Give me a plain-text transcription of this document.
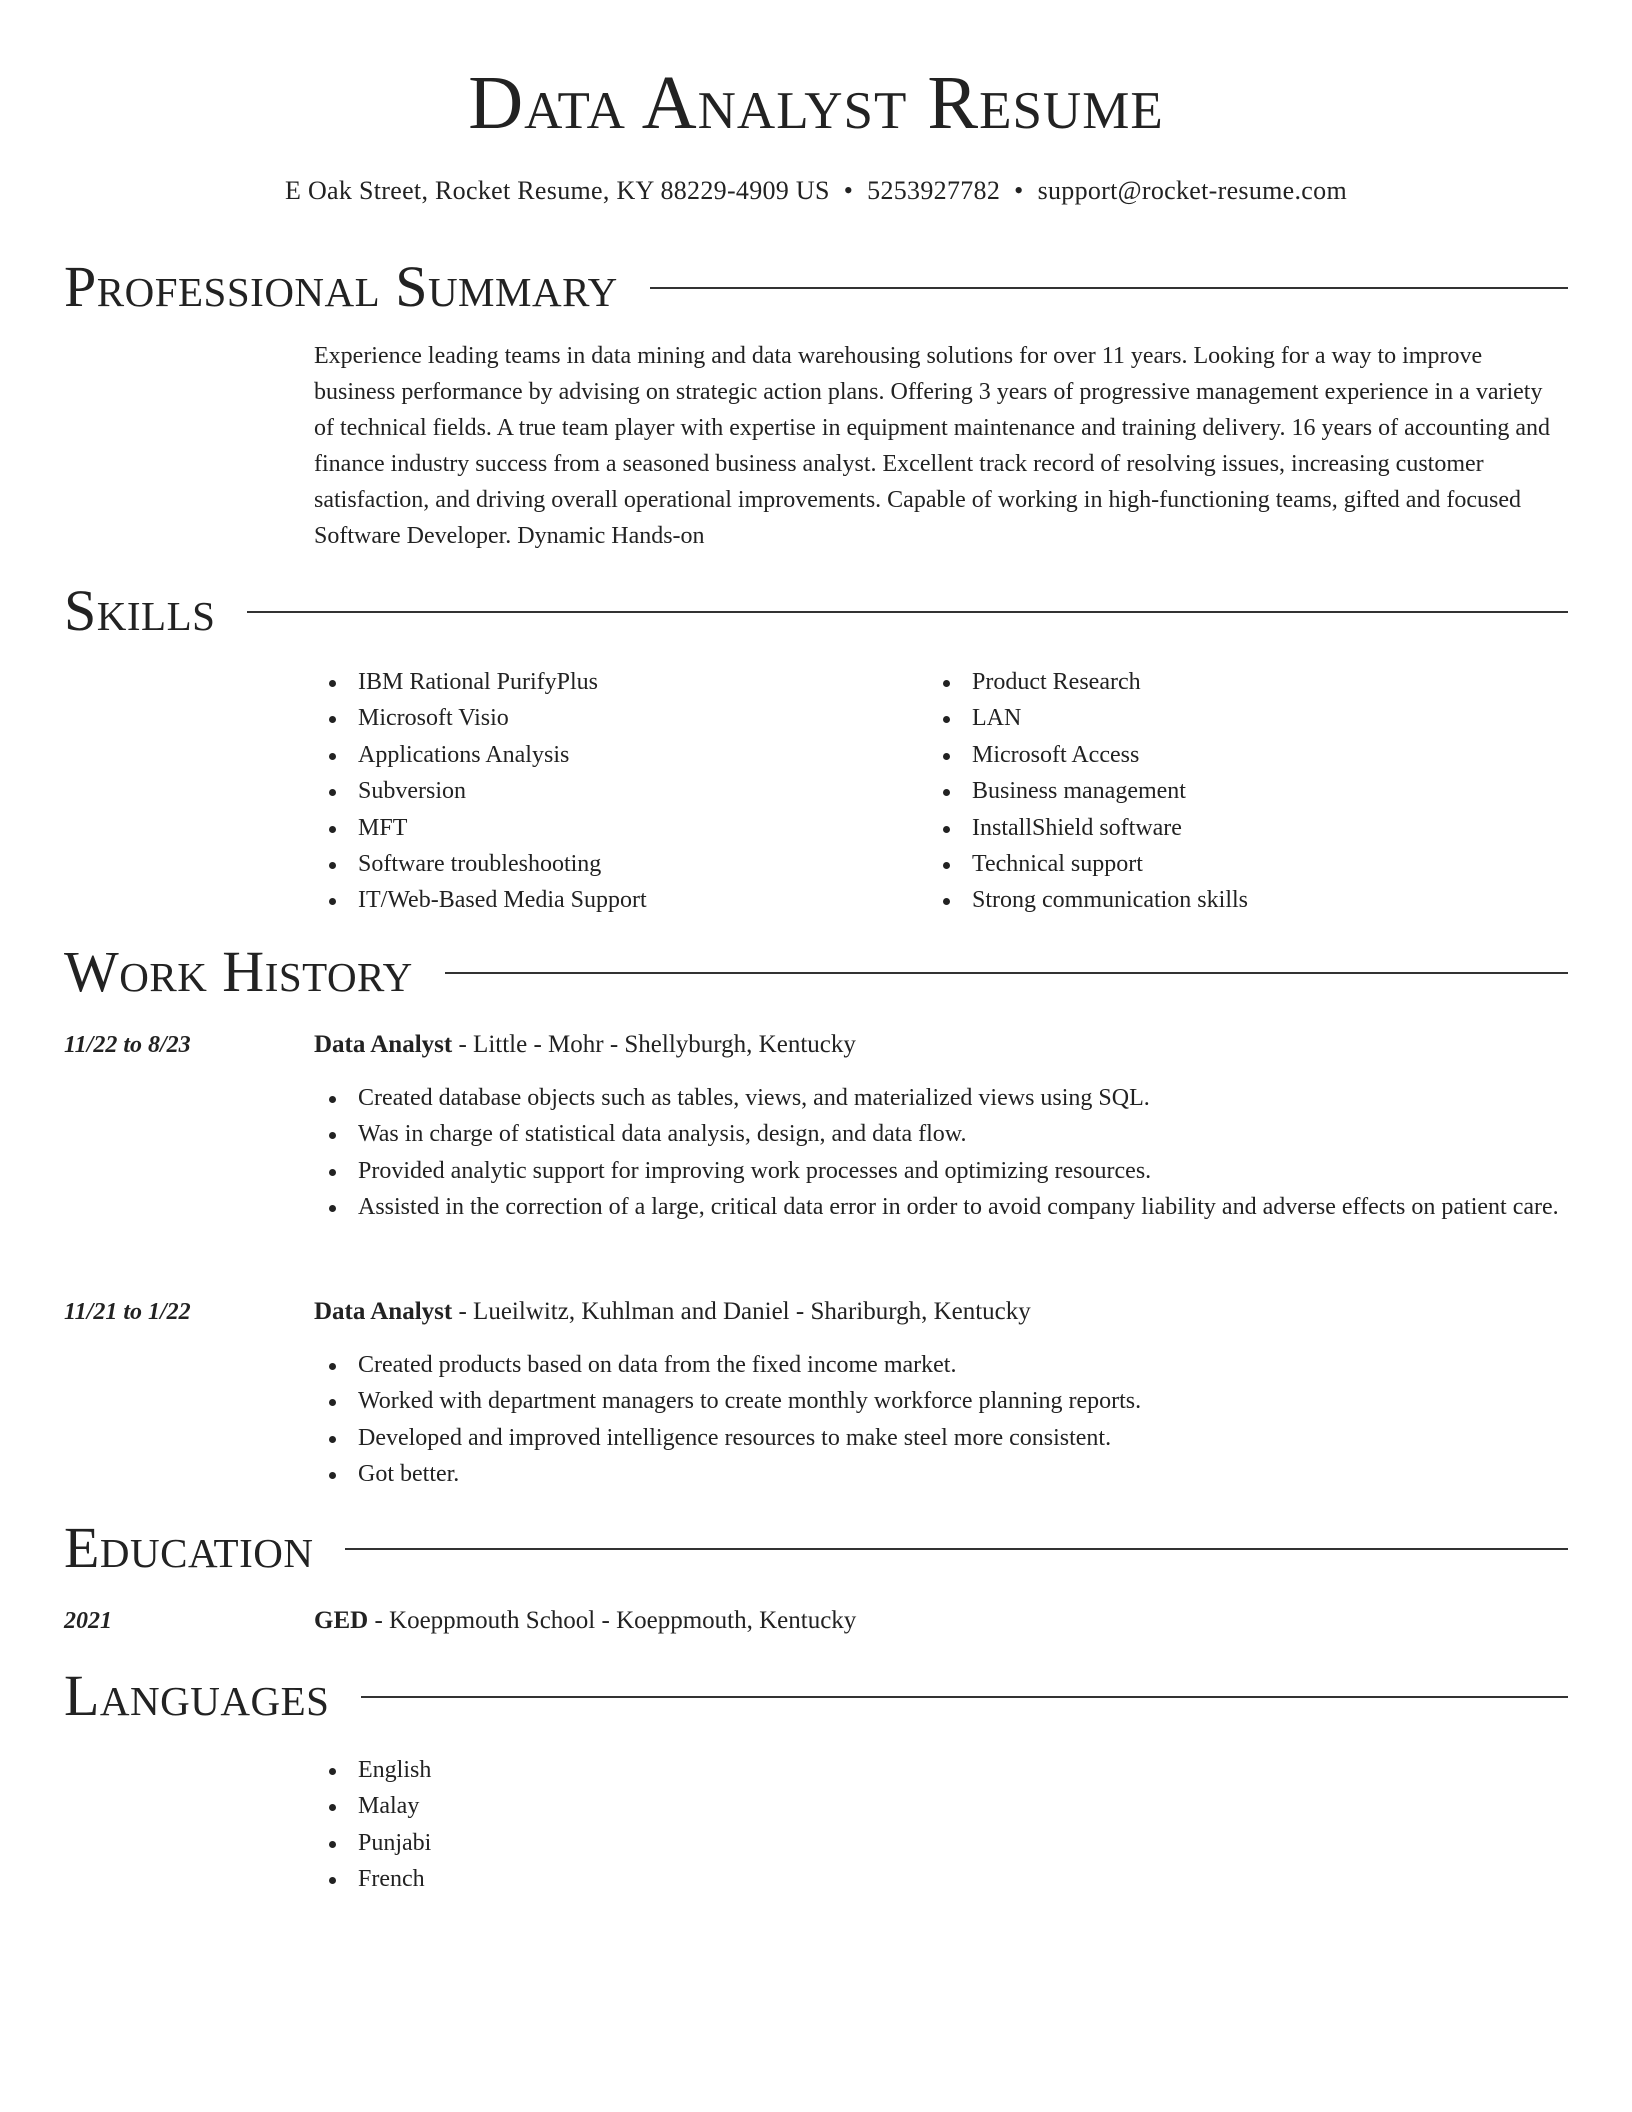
Data Analyst Resume
E Oak Street, Rocket Resume, KY 88229-4909 US • 5253927782 • support@rocket-resume.com
Professional Summary

Experience leading teams in data mining and data warehousing solutions for over 11 years. Looking for a way to improve business performance by advising on strategic action plans. Offering 3 years of progressive management experience in a variety of technical fields. A true team player with expertise in equipment maintenance and training delivery. 16 years of accounting and finance industry success from a seasoned business analyst. Excellent track record of resolving issues, increasing customer satisfaction, and driving overall operational improvements. Capable of working in high-functioning teams, gifted and focused Software Developer. Dynamic Hands-on

Skills
IBM Rational PurifyPlus
Microsoft Visio
Applications Analysis
Subversion
MFT
Software troubleshooting
IT/Web-Based Media Support
Product Research
LAN
Microsoft Access
Business management
InstallShield software
Technical support
Strong communication skills
Work History
11/22 to 8/23	Data Analyst - Little - Mohr - Shellyburgh, Kentucky
Created database objects such as tables, views, and materialized views using SQL.
Was in charge of statistical data analysis, design, and data flow.
Provided analytic support for improving work processes and optimizing resources.
Assisted in the correction of a large, critical data error in order to avoid company liability and adverse effects on patient care.
11/21 to 1/22	Data Analyst - Lueilwitz, Kuhlman and Daniel - Shariburgh, Kentucky
Created products based on data from the fixed income market.
Worked with department managers to create monthly workforce planning reports.
Developed and improved intelligence resources to make steel more consistent.
Got better.
Education
2021	GED - Koeppmouth School - Koeppmouth, Kentucky
Languages
English
Malay
Punjabi
French
